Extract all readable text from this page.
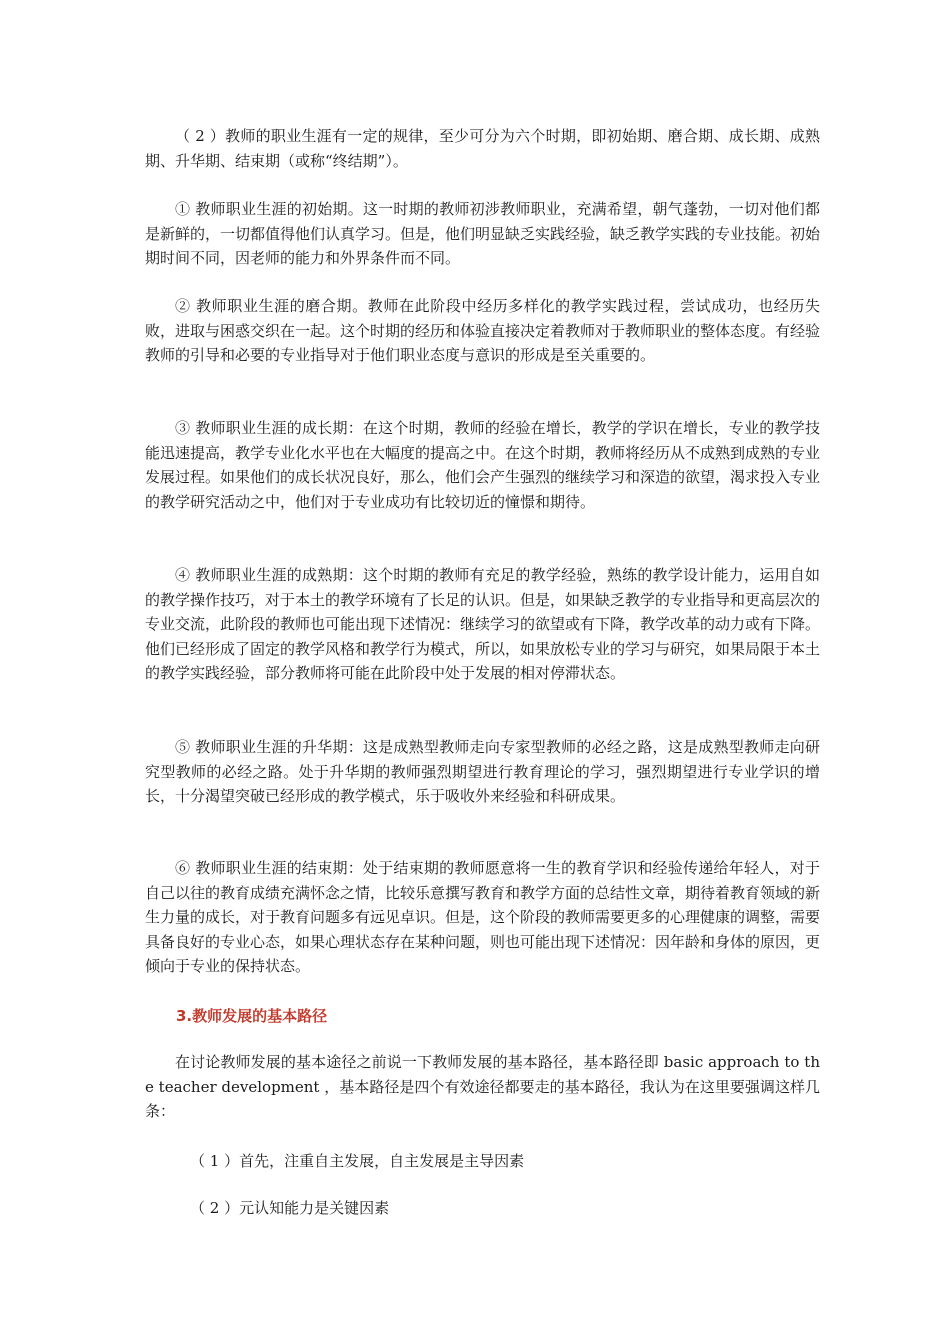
（ 2 ）教师的职业生涯有一定的规律，至少可分为六个时期，即初始期、磨合期、成长期、成熟期、升华期、结束期（或称“终结期”）。

① 教师职业生涯的初始期。这一时期的教师初涉教师职业，充满希望，朝气蓬勃，一切对他们都是新鲜的，一切都值得他们认真学习。但是，他们明显缺乏实践经验，缺乏教学实践的专业技能。初始期时间不同，因老师的能力和外界条件而不同。

② 教师职业生涯的磨合期。教师在此阶段中经历多样化的教学实践过程，尝试成功，也经历失败，进取与困惑交织在一起。这个时期的经历和体验直接决定着教师对于教师职业的整体态度。有经验教师的引导和必要的专业指导对于他们职业态度与意识的形成是至关重要的。

③ 教师职业生涯的成长期：在这个时期，教师的经验在增长，教学的学识在增长，专业的教学技能迅速提高，教学专业化水平也在大幅度的提高之中。在这个时期，教师将经历从不成熟到成熟的专业发展过程。如果他们的成长状况良好，那么，他们会产生强烈的继续学习和深造的欲望，渴求投入专业的教学研究活动之中，他们对于专业成功有比较切近的憧憬和期待。

④ 教师职业生涯的成熟期：这个时期的教师有充足的教学经验，熟练的教学设计能力，运用自如的教学操作技巧，对于本土的教学环境有了长足的认识。但是，如果缺乏教学的专业指导和更高层次的专业交流，此阶段的教师也可能出现下述情况：继续学习的欲望或有下降，教学改革的动力或有下降。他们已经形成了固定的教学风格和教学行为模式，所以，如果放松专业的学习与研究，如果局限于本土的教学实践经验，部分教师将可能在此阶段中处于发展的相对停滞状态。

⑤ 教师职业生涯的升华期：这是成熟型教师走向专家型教师的必经之路，这是成熟型教师走向研究型教师的必经之路。处于升华期的教师强烈期望进行教育理论的学习，强烈期望进行专业学识的增长，十分渴望突破已经形成的教学模式，乐于吸收外来经验和科研成果。

⑥ 教师职业生涯的结束期：处于结束期的教师愿意将一生的教育学识和经验传递给年轻人，对于自己以往的教育成绩充满怀念之情，比较乐意撰写教育和教学方面的总结性文章，期待着教育领域的新生力量的成长，对于教育问题多有远见卓识。但是，这个阶段的教师需要更多的心理健康的调整，需要具备良好的专业心态，如果心理状态存在某种问题，则也可能出现下述情况：因年龄和身体的原因，更倾向于专业的保持状态。

3.教师发展的基本路径

在讨论教师发展的基本途径之前说一下教师发展的基本路径，基本路径即 basic approach to the teacher development ，基本路径是四个有效途径都要走的基本路径，我认为在这里要强调这样几条：

（ 1 ）首先，注重自主发展，自主发展是主导因素

（ 2 ）元认知能力是关键因素
